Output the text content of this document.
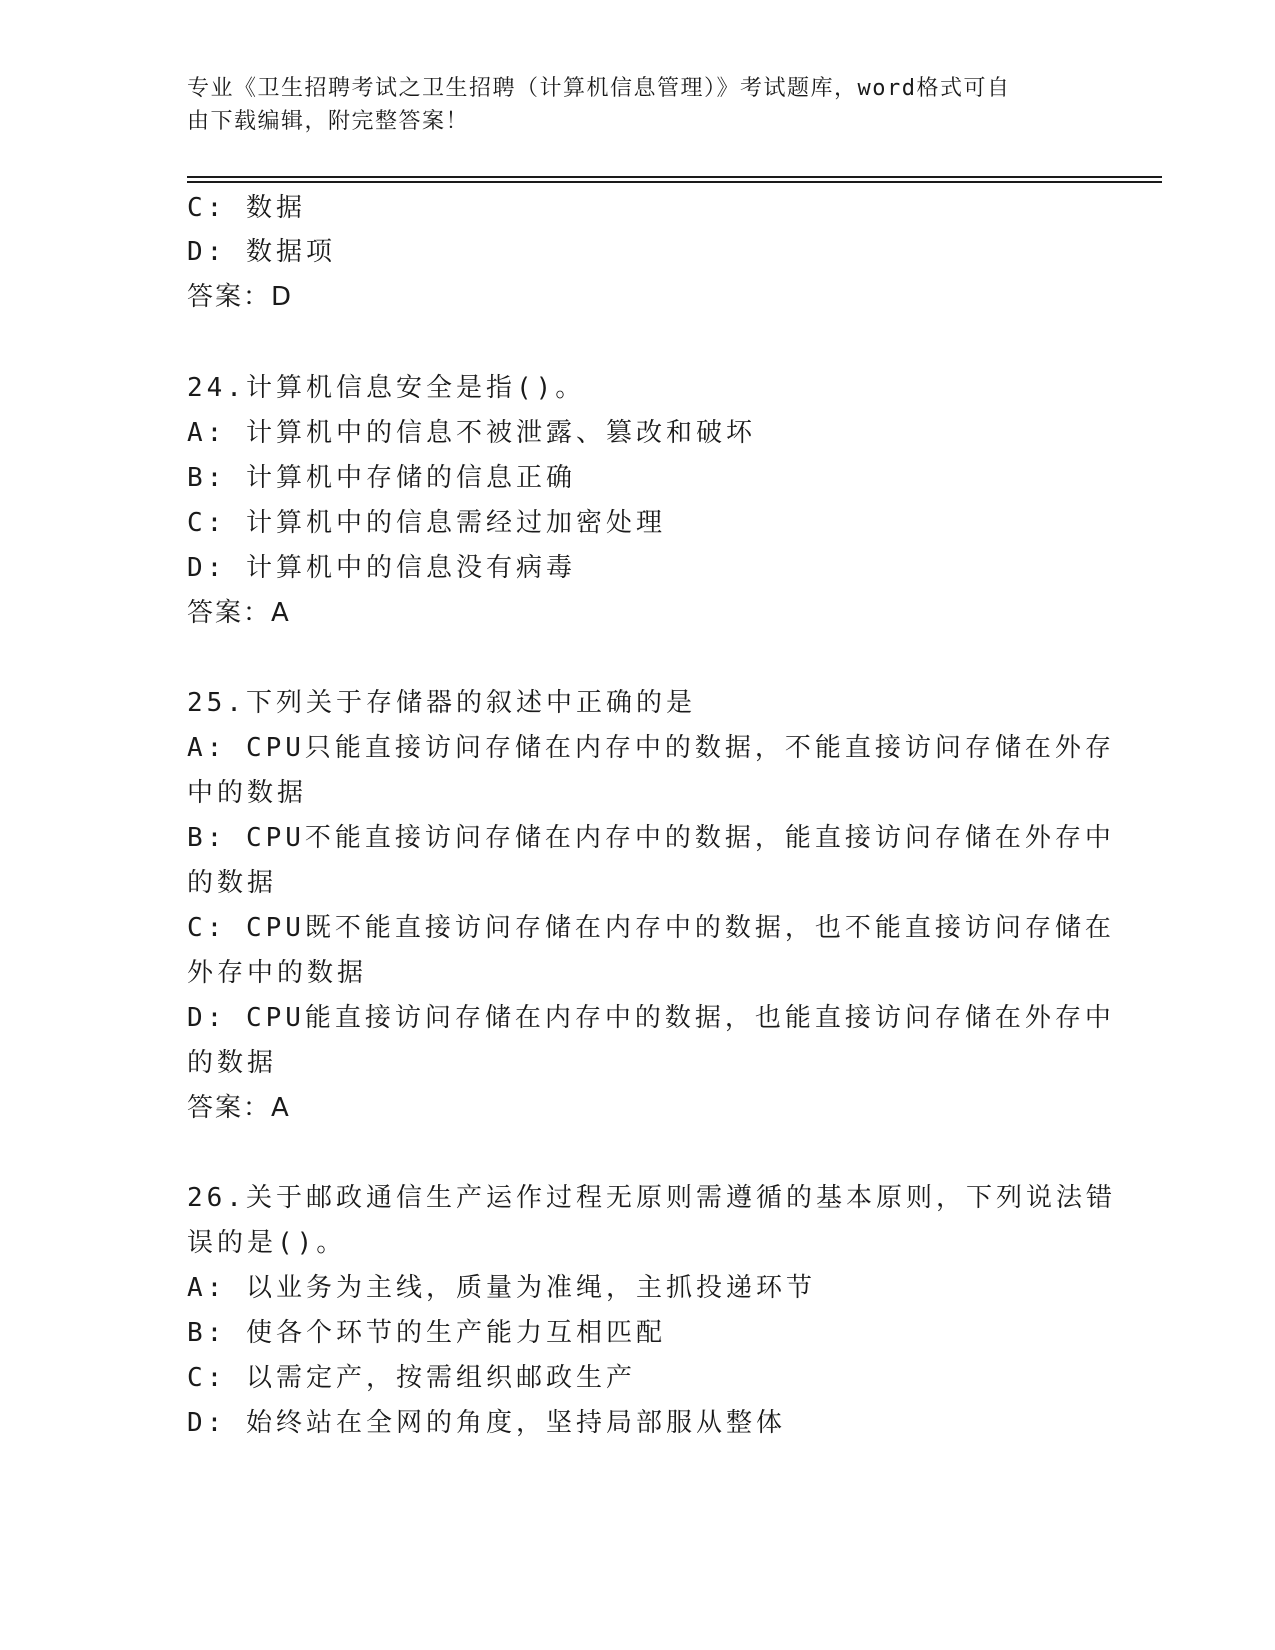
专业《卫生招聘考试之卫生招聘（计算机信息管理）》考试题库，word格式可自
由下载编辑，附完整答案！
C: 数据
D: 数据项
答案：D
24.计算机信息安全是指()。
A: 计算机中的信息不被泄露、篡改和破坏
B: 计算机中存储的信息正确
C: 计算机中的信息需经过加密处理
D: 计算机中的信息没有病毒
答案：A
25.下列关于存储器的叙述中正确的是
A: CPU只能直接访问存储在内存中的数据，不能直接访问存储在外存
中的数据
B: CPU不能直接访问存储在内存中的数据，能直接访问存储在外存中
的数据
C: CPU既不能直接访问存储在内存中的数据，也不能直接访问存储在
外存中的数据
D: CPU能直接访问存储在内存中的数据，也能直接访问存储在外存中
的数据
答案：A
26.关于邮政通信生产运作过程无原则需遵循的基本原则，下列说法错
误的是()。
A: 以业务为主线，质量为准绳，主抓投递环节
B: 使各个环节的生产能力互相匹配
C: 以需定产，按需组织邮政生产
D: 始终站在全网的角度，坚持局部服从整体
